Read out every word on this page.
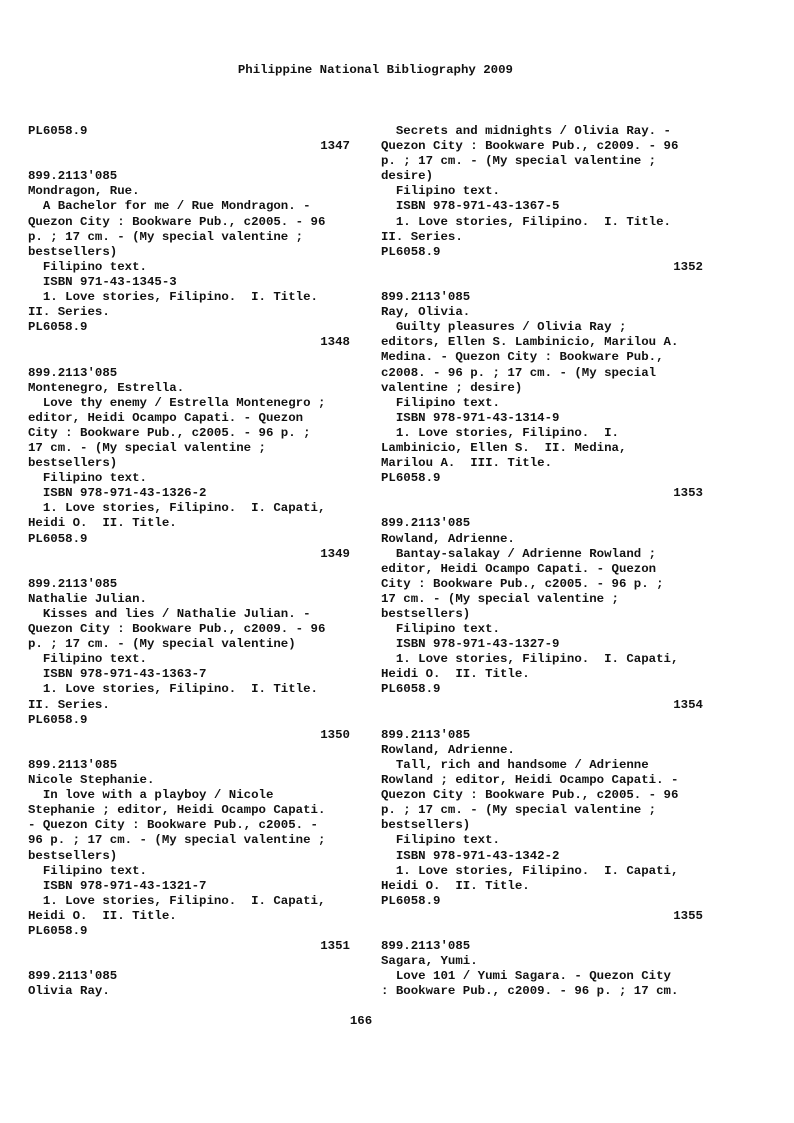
Philippine National Bibliography 2009

PL6058.9
1347
899.2113'085
Mondragon, Rue.
A Bachelor for me / Rue Mondragon. -
Quezon City : Bookware Pub., c2005. - 96
p. ; 17 cm. - (My special valentine ;
bestsellers)
Filipino text.
ISBN 971-43-1345-3
1. Love stories, Filipino.  I. Title.
II. Series.
PL6058.9
1348
899.2113'085
Montenegro, Estrella.
Love thy enemy / Estrella Montenegro ;
editor, Heidi Ocampo Capati. - Quezon
City : Bookware Pub., c2005. - 96 p. ;
17 cm. - (My special valentine ;
bestsellers)
Filipino text.
ISBN 978-971-43-1326-2
1. Love stories, Filipino.  I. Capati,
Heidi O.  II. Title.
PL6058.9
1349
899.2113'085
Nathalie Julian.
Kisses and lies / Nathalie Julian. -
Quezon City : Bookware Pub., c2009. - 96
p. ; 17 cm. - (My special valentine)
Filipino text.
ISBN 978-971-43-1363-7
1. Love stories, Filipino.  I. Title.
II. Series.
PL6058.9
1350
899.2113'085
Nicole Stephanie.
In love with a playboy / Nicole
Stephanie ; editor, Heidi Ocampo Capati.
- Quezon City : Bookware Pub., c2005. -
96 p. ; 17 cm. - (My special valentine ;
bestsellers)
Filipino text.
ISBN 978-971-43-1321-7
1. Love stories, Filipino.  I. Capati,
Heidi O.  II. Title.
PL6058.9
1351
899.2113'085
Olivia Ray.
Secrets and midnights / Olivia Ray. -
Quezon City : Bookware Pub., c2009. - 96
p. ; 17 cm. - (My special valentine ;
desire)
Filipino text.
ISBN 978-971-43-1367-5
1. Love stories, Filipino.  I. Title.
II. Series.
PL6058.9
1352
899.2113'085
Ray, Olivia.
Guilty pleasures / Olivia Ray ;
editors, Ellen S. Lambinicio, Marilou A.
Medina. - Quezon City : Bookware Pub.,
c2008. - 96 p. ; 17 cm. - (My special
valentine ; desire)
Filipino text.
ISBN 978-971-43-1314-9
1. Love stories, Filipino.  I.
Lambinicio, Ellen S.  II. Medina,
Marilou A.  III. Title.
PL6058.9
1353
899.2113'085
Rowland, Adrienne.
Bantay-salakay / Adrienne Rowland ;
editor, Heidi Ocampo Capati. - Quezon
City : Bookware Pub., c2005. - 96 p. ;
17 cm. - (My special valentine ;
bestsellers)
Filipino text.
ISBN 978-971-43-1327-9
1. Love stories, Filipino.  I. Capati,
Heidi O.  II. Title.
PL6058.9
1354
899.2113'085
Rowland, Adrienne.
Tall, rich and handsome / Adrienne
Rowland ; editor, Heidi Ocampo Capati. -
Quezon City : Bookware Pub., c2005. - 96
p. ; 17 cm. - (My special valentine ;
bestsellers)
Filipino text.
ISBN 978-971-43-1342-2
1. Love stories, Filipino.  I. Capati,
Heidi O.  II. Title.
PL6058.9
1355
899.2113'085
Sagara, Yumi.
Love 101 / Yumi Sagara. - Quezon City
: Bookware Pub., c2009. - 96 p. ; 17 cm.
166
